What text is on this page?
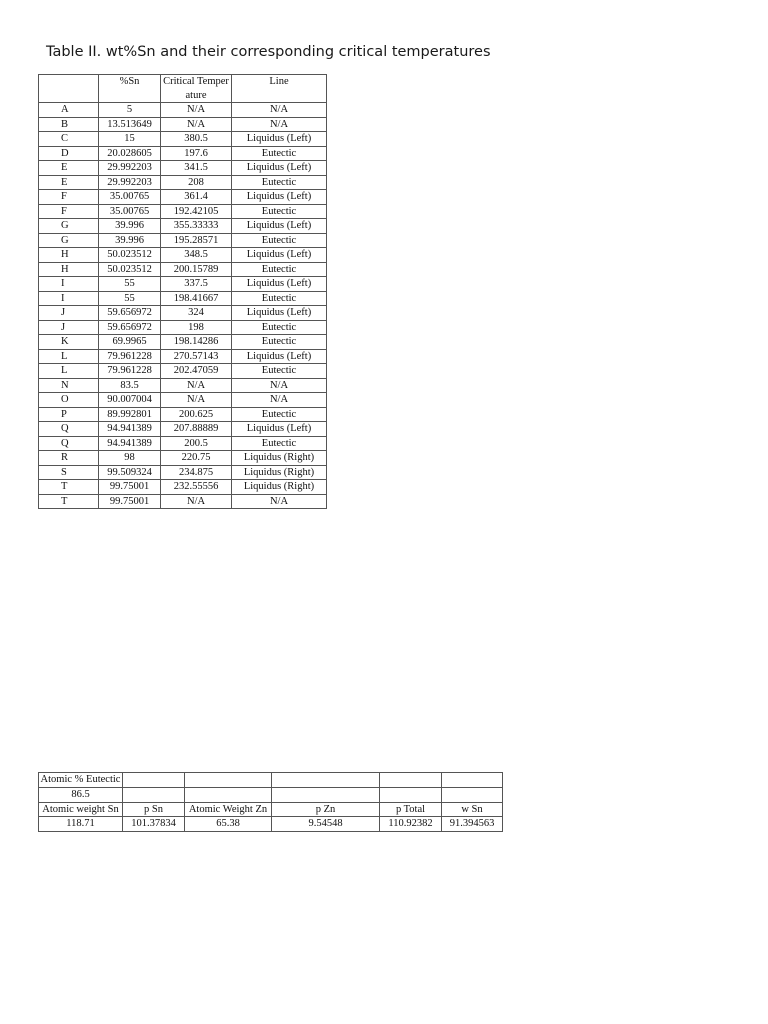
Table II. wt%Sn and their corresponding critical temperatures
	%Sn	Critical Temperature	Line
A	5	N/A	N/A
B	13.513649	N/A	N/A
C	15	380.5	Liquidus (Left)
D	20.028605	197.6	Eutectic
E	29.992203	341.5	Liquidus (Left)
E	29.992203	208	Eutectic
F	35.00765	361.4	Liquidus (Left)
F	35.00765	192.42105	Eutectic
G	39.996	355.33333	Liquidus (Left)
G	39.996	195.28571	Eutectic
H	50.023512	348.5	Liquidus (Left)
H	50.023512	200.15789	Eutectic
I	55	337.5	Liquidus (Left)
I	55	198.41667	Eutectic
J	59.656972	324	Liquidus (Left)
J	59.656972	198	Eutectic
K	69.9965	198.14286	Eutectic
L	79.961228	270.57143	Liquidus (Left)
L	79.961228	202.47059	Eutectic
N	83.5	N/A	N/A
O	90.007004	N/A	N/A
P	89.992801	200.625	Eutectic
Q	94.941389	207.88889	Liquidus (Left)
Q	94.941389	200.5	Eutectic
R	98	220.75	Liquidus (Right)
S	99.509324	234.875	Liquidus (Right)
T	99.75001	232.55556	Liquidus (Right)
T	99.75001	N/A	N/A
Atomic % Eutectic					
86.5					
Atomic weight Sn	p Sn	Atomic Weight Zn	p Zn	p Total	w Sn
118.71	101.37834	65.38	9.54548	110.92382	91.394563
